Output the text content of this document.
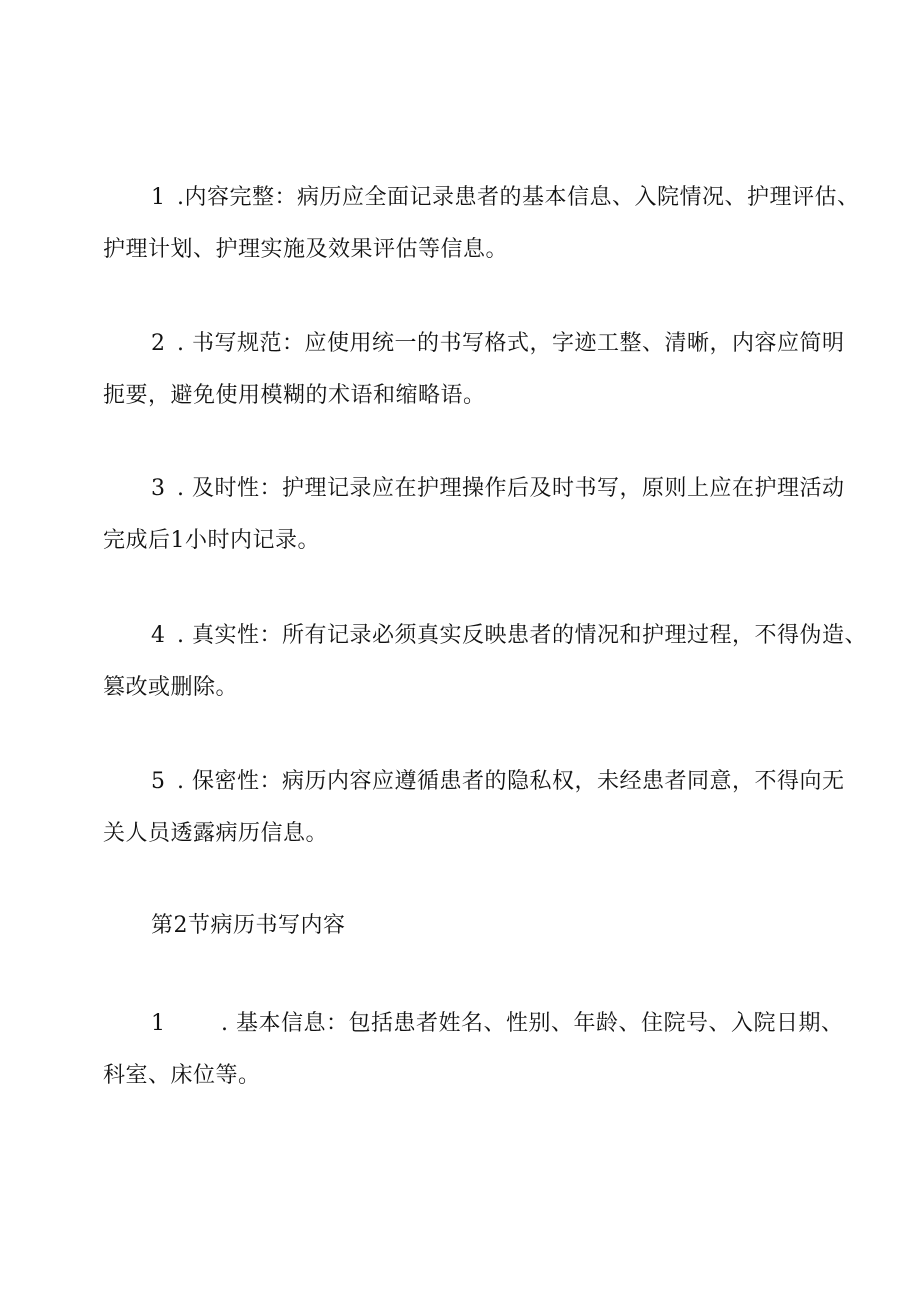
1 .内容完整：病历应全面记录患者的基本信息、入院情况、护理评估、
护理计划、护理实施及效果评估等信息。
2 . 书写规范：应使用统一的书写格式，字迹工整、清晰，内容应简明
扼要，避免使用模糊的术语和缩略语。
3 . 及时性：护理记录应在护理操作后及时书写，原则上应在护理活动
完成后1小时内记录。
4 . 真实性：所有记录必须真实反映患者的情况和护理过程，不得伪造、
篡改或删除。
5 . 保密性：病历内容应遵循患者的隐私权，未经患者同意，不得向无
关人员透露病历信息。
第2节病历书写内容
1	. 基本信息：包括患者姓名、性别、年龄、住院号、入院日期、
科室、床位等。
